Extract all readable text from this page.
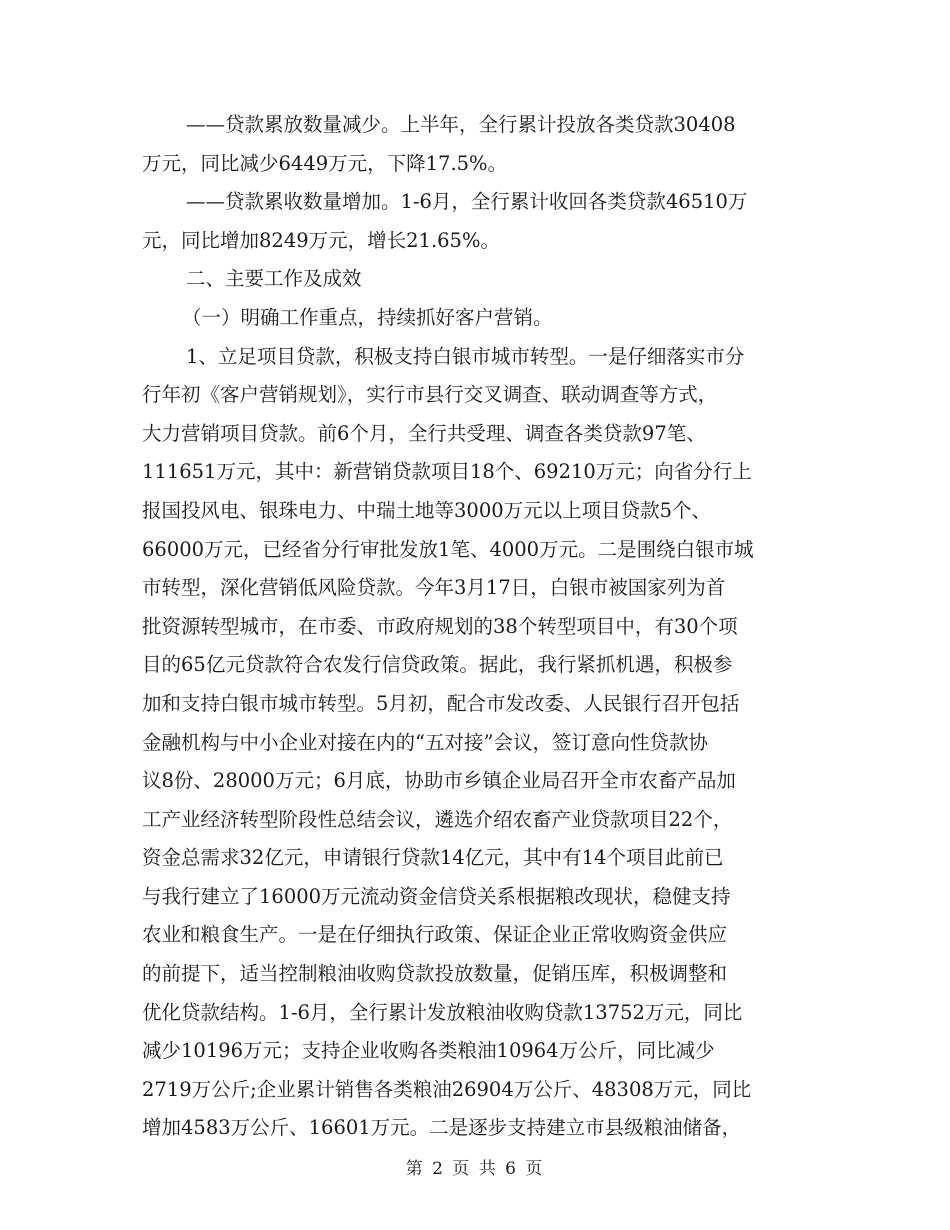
——贷款累放数量减少。上半年，全行累计投放各类贷款30408
万元，同比减少6449万元，下降17.5%。
——贷款累收数量增加。1-6月，全行累计收回各类贷款46510万
元，同比增加8249万元，增长21.65%。
二、主要工作及成效
（一）明确工作重点，持续抓好客户营销。
1、立足项目贷款，积极支持白银市城市转型。一是仔细落实市分
行年初《客户营销规划》，实行市县行交叉调查、联动调查等方式，
大力营销项目贷款。前6个月，全行共受理、调查各类贷款97笔、
111651万元，其中：新营销贷款项目18个、69210万元；向省分行上
报国投风电、银珠电力、中瑞土地等3000万元以上项目贷款5个、
66000万元，已经省分行审批发放1笔、4000万元。二是围绕白银市城
市转型，深化营销低风险贷款。今年3月17日，白银市被国家列为首
批资源转型城市，在市委、市政府规划的38个转型项目中，有30个项
目的65亿元贷款符合农发行信贷政策。据此，我行紧抓机遇，积极参
加和支持白银市城市转型。5月初，配合市发改委、人民银行召开包括
金融机构与中小企业对接在内的“五对接”会议，签订意向性贷款协
议8份、28000万元；6月底，协助市乡镇企业局召开全市农畜产品加
工产业经济转型阶段性总结会议，遴选介绍农畜产业贷款项目22个，
资金总需求32亿元，申请银行贷款14亿元，其中有14个项目此前已
与我行建立了16000万元流动资金信贷关系根据粮改现状，稳健支持
农业和粮食生产。一是在仔细执行政策、保证企业正常收购资金供应
的前提下，适当控制粮油收购贷款投放数量，促销压库，积极调整和
优化贷款结构。1-6月，全行累计发放粮油收购贷款13752万元，同比
减少10196万元；支持企业收购各类粮油10964万公斤，同比减少
2719万公斤;企业累计销售各类粮油26904万公斤、48308万元，同比
增加4583万公斤、16601万元。二是逐步支持建立市县级粮油储备，
第 2 页 共 6 页
